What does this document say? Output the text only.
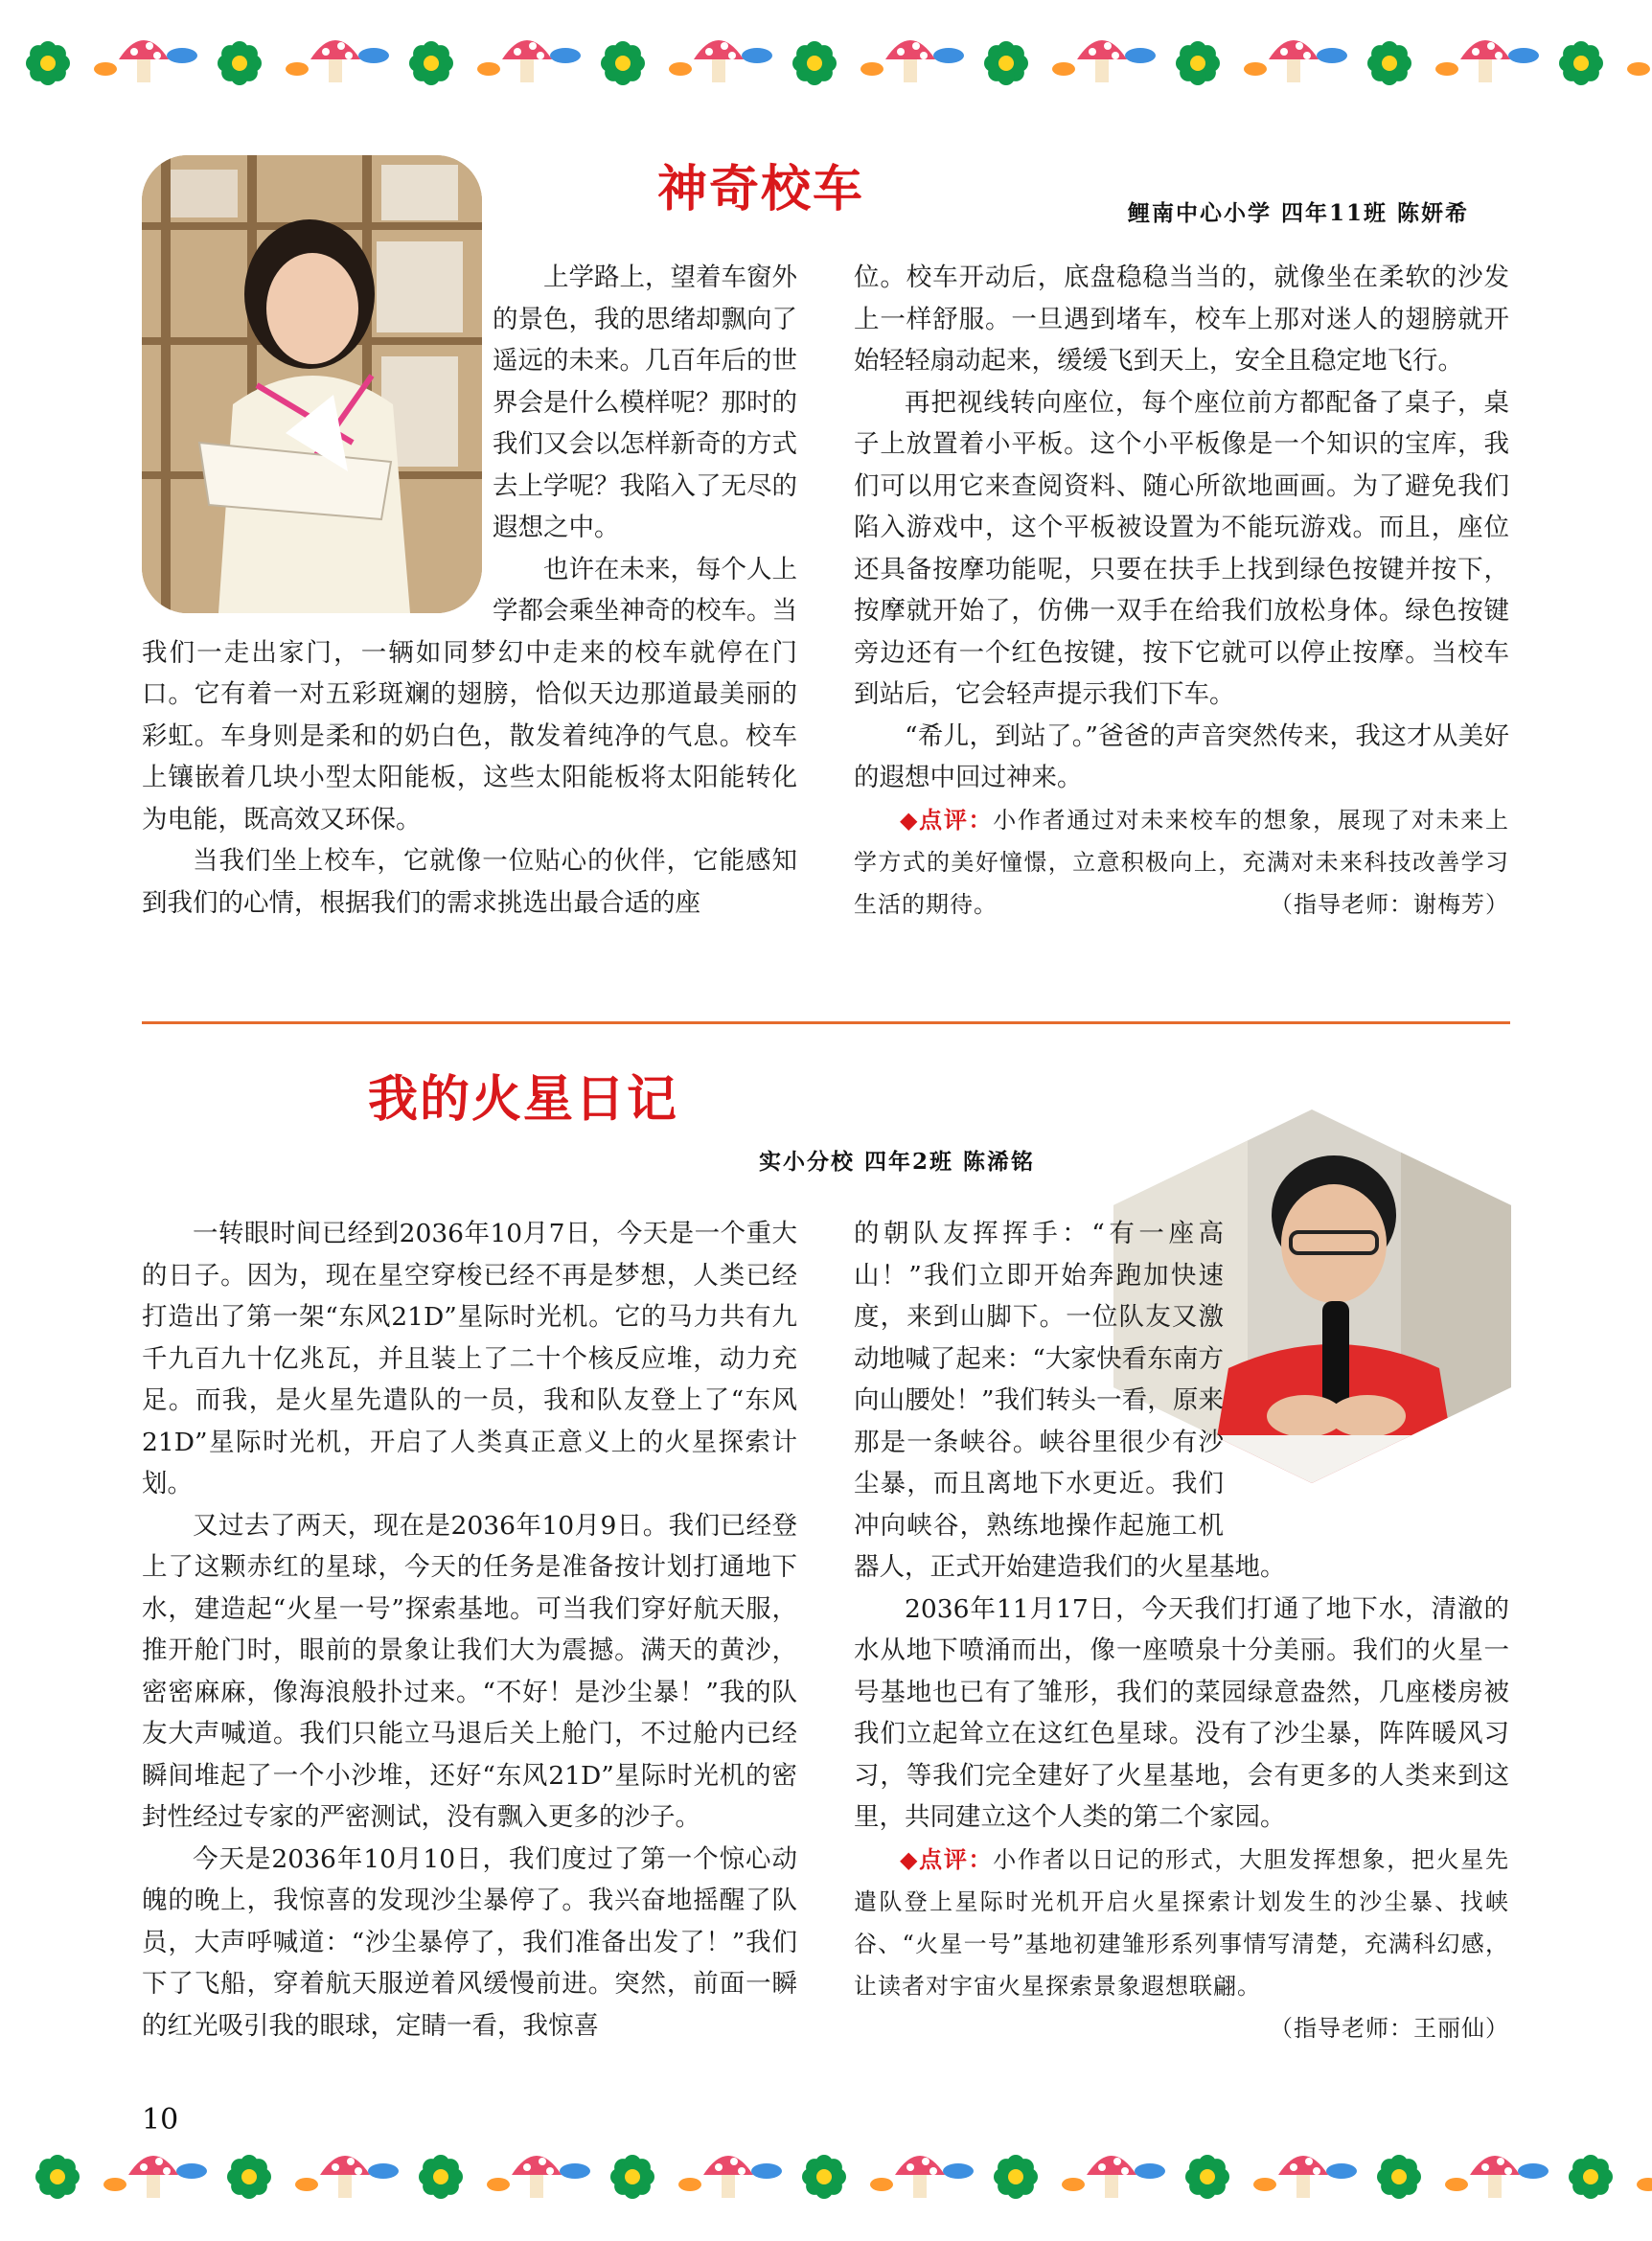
神奇校车	鲤南中心小学 四年11班 陈妍希

上学路上，望着车窗外的景色，我的思绪却飘向了遥远的未来。几百年后的世界会是什么模样呢？那时的我们又会以怎样新奇的方式去上学呢？我陷入了无尽的遐想之中。

也许在未来，每个人上学都会乘坐神奇的校车。当我们一走出家门，一辆如同梦幻中走来的校车就停在门口。它有着一对五彩斑斓的翅膀，恰似天边那道最美丽的彩虹。车身则是柔和的奶白色，散发着纯净的气息。校车上镶嵌着几块小型太阳能板，这些太阳能板将太阳能转化为电能，既高效又环保。

当我们坐上校车，它就像一位贴心的伙伴，它能感知到我们的心情，根据我们的需求挑选出最合适的座

位。校车开动后，底盘稳稳当当的，就像坐在柔软的沙发上一样舒服。一旦遇到堵车，校车上那对迷人的翅膀就开始轻轻扇动起来，缓缓飞到天上，安全且稳定地飞行。

再把视线转向座位，每个座位前方都配备了桌子，桌子上放置着小平板。这个小平板像是一个知识的宝库，我们可以用它来查阅资料、随心所欲地画画。为了避免我们陷入游戏中，这个平板被设置为不能玩游戏。而且，座位还具备按摩功能呢，只要在扶手上找到绿色按键并按下，按摩就开始了，仿佛一双手在给我们放松身体。绿色按键旁边还有一个红色按键，按下它就可以停止按摩。当校车到站后，它会轻声提示我们下车。

“希儿，到站了。”爸爸的声音突然传来，我这才从美好的遐想中回过神来。

◆点评：小作者通过对未来校车的想象，展现了对未来上学方式的美好憧憬，立意积极向上，充满对未来科技改善学习生活的期待。	（指导老师：谢梅芳）
我的火星日记
实小分校 四年2班 陈浠铭

一转眼时间已经到2036年10月7日，今天是一个重大的日子。因为，现在星空穿梭已经不再是梦想，人类已经打造出了第一架“东风21D”星际时光机。它的马力共有九千九百九十亿兆瓦，并且装上了二十个核反应堆，动力充足。而我，是火星先遣队的一员，我和队友登上了“东风21D”星际时光机，开启了人类真正意义上的火星探索计划。

又过去了两天，现在是2036年10月9日。我们已经登上了这颗赤红的星球，今天的任务是准备按计划打通地下水，建造起“火星一号”探索基地。可当我们穿好航天服，推开舱门时，眼前的景象让我们大为震撼。满天的黄沙，密密麻麻，像海浪般扑过来。“不好！是沙尘暴！”我的队友大声喊道。我们只能立马退后关上舱门，不过舱内已经瞬间堆起了一个小沙堆，还好“东风21D”星际时光机的密封性经过专家的严密测试，没有飘入更多的沙子。

今天是2036年10月10日，我们度过了第一个惊心动魄的晚上，我惊喜的发现沙尘暴停了。我兴奋地摇醒了队员，大声呼喊道：“沙尘暴停了，我们准备出发了！”我们下了飞船，穿着航天服逆着风缓慢前进。突然，前面一瞬的红光吸引我的眼球，定睛一看，我惊喜

的朝队友挥挥手：“有一座高山！”我们立即开始奔跑加快速度，来到山脚下。一位队友又激动地喊了起来：“大家快看东南方向山腰处！”我们转头一看，原来那是一条峡谷。峡谷里很少有沙尘暴，而且离地下水更近。我们冲向峡谷，熟练地操作起施工机器人，正式开始建造我们的火星基地。

2036年11月17日，今天我们打通了地下水，清澈的水从地下喷涌而出，像一座喷泉十分美丽。我们的火星一号基地也已有了雏形，我们的菜园绿意盎然，几座楼房被我们立起耸立在这红色星球。没有了沙尘暴，阵阵暖风习习，等我们完全建好了火星基地，会有更多的人类来到这里，共同建立这个人类的第二个家园。

◆点评：小作者以日记的形式，大胆发挥想象，把火星先遣队登上星际时光机开启火星探索计划发生的沙尘暴、找峡谷、“火星一号”基地初建雏形系列事情写清楚，充满科幻感，让读者对宇宙火星探索景象遐想联翩。
（指导老师：王丽仙）
10
